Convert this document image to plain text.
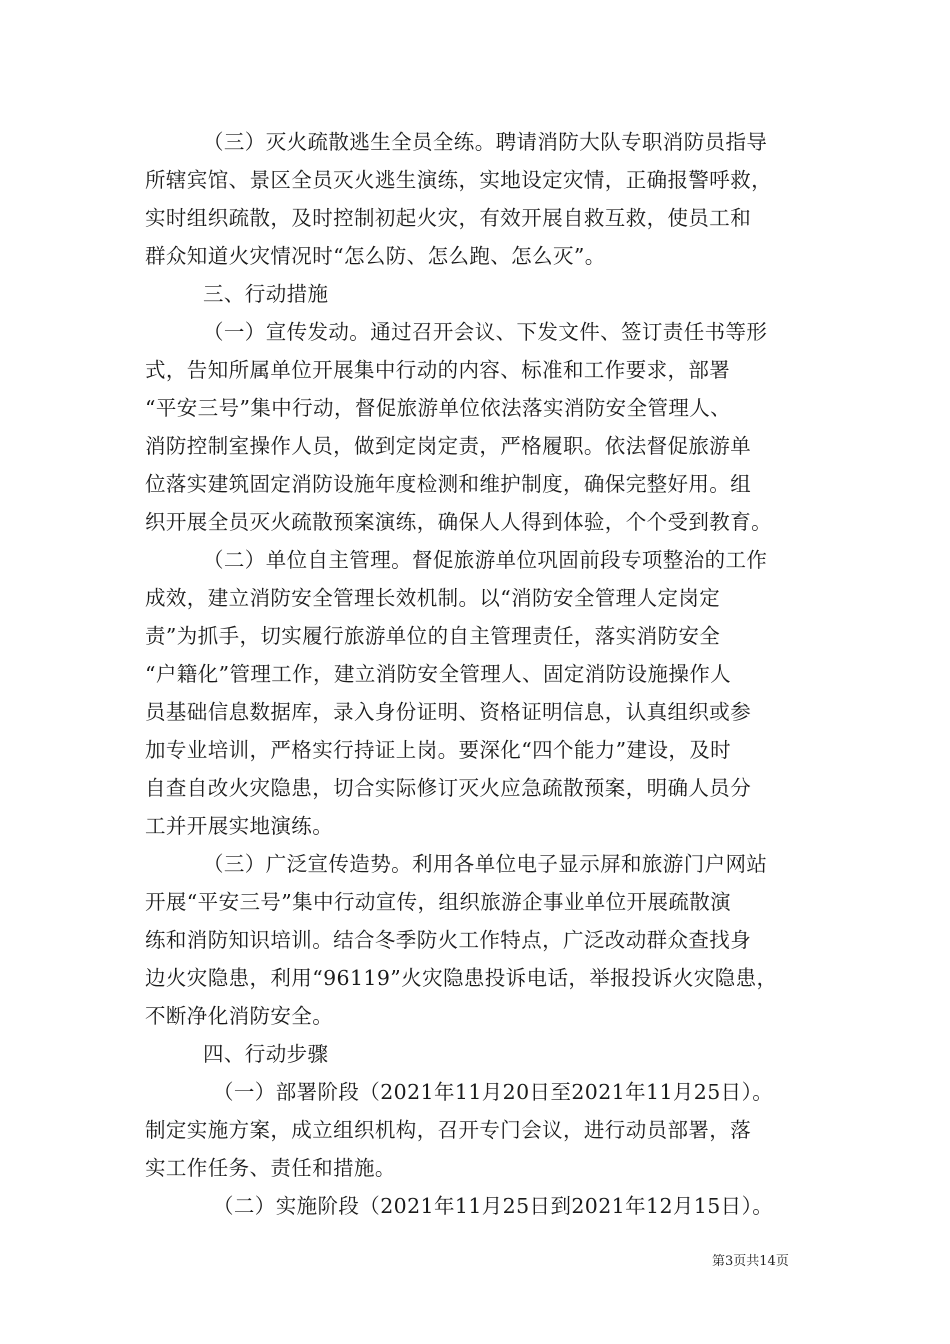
（三）灭火疏散逃生全员全练。聘请消防大队专职消防员指导
所辖宾馆、景区全员灭火逃生演练，实地设定灾情，正确报警呼救，
实时组织疏散，及时控制初起火灾，有效开展自救互救，使员工和
群众知道火灾情况时“怎么防、怎么跑、怎么灭”。
三、行动措施
（一）宣传发动。通过召开会议、下发文件、签订责任书等形
式，告知所属单位开展集中行动的内容、标准和工作要求，部署
“平安三号”集中行动，督促旅游单位依法落实消防安全管理人、
消防控制室操作人员，做到定岗定责，严格履职。依法督促旅游单
位落实建筑固定消防设施年度检测和维护制度，确保完整好用。组
织开展全员灭火疏散预案演练，确保人人得到体验，个个受到教育。
（二）单位自主管理。督促旅游单位巩固前段专项整治的工作
成效，建立消防安全管理长效机制。以“消防安全管理人定岗定
责”为抓手，切实履行旅游单位的自主管理责任，落实消防安全
“户籍化”管理工作，建立消防安全管理人、固定消防设施操作人
员基础信息数据库，录入身份证明、资格证明信息，认真组织或参
加专业培训，严格实行持证上岗。要深化“四个能力”建设，及时
自查自改火灾隐患，切合实际修订灭火应急疏散预案，明确人员分
工并开展实地演练。
（三）广泛宣传造势。利用各单位电子显示屏和旅游门户网站
开展“平安三号”集中行动宣传，组织旅游企事业单位开展疏散演
练和消防知识培训。结合冬季防火工作特点，广泛改动群众查找身
边火灾隐患，利用“96119”火灾隐患投诉电话，举报投诉火灾隐患，
不断净化消防安全。
四、行动步骤
（一）部署阶段（2021年11月20日至2021年11月25日）。
制定实施方案，成立组织机构，召开专门会议，进行动员部署，落
实工作任务、责任和措施。
（二）实施阶段（2021年11月25日到2021年12月15日）。
第3页共14页
